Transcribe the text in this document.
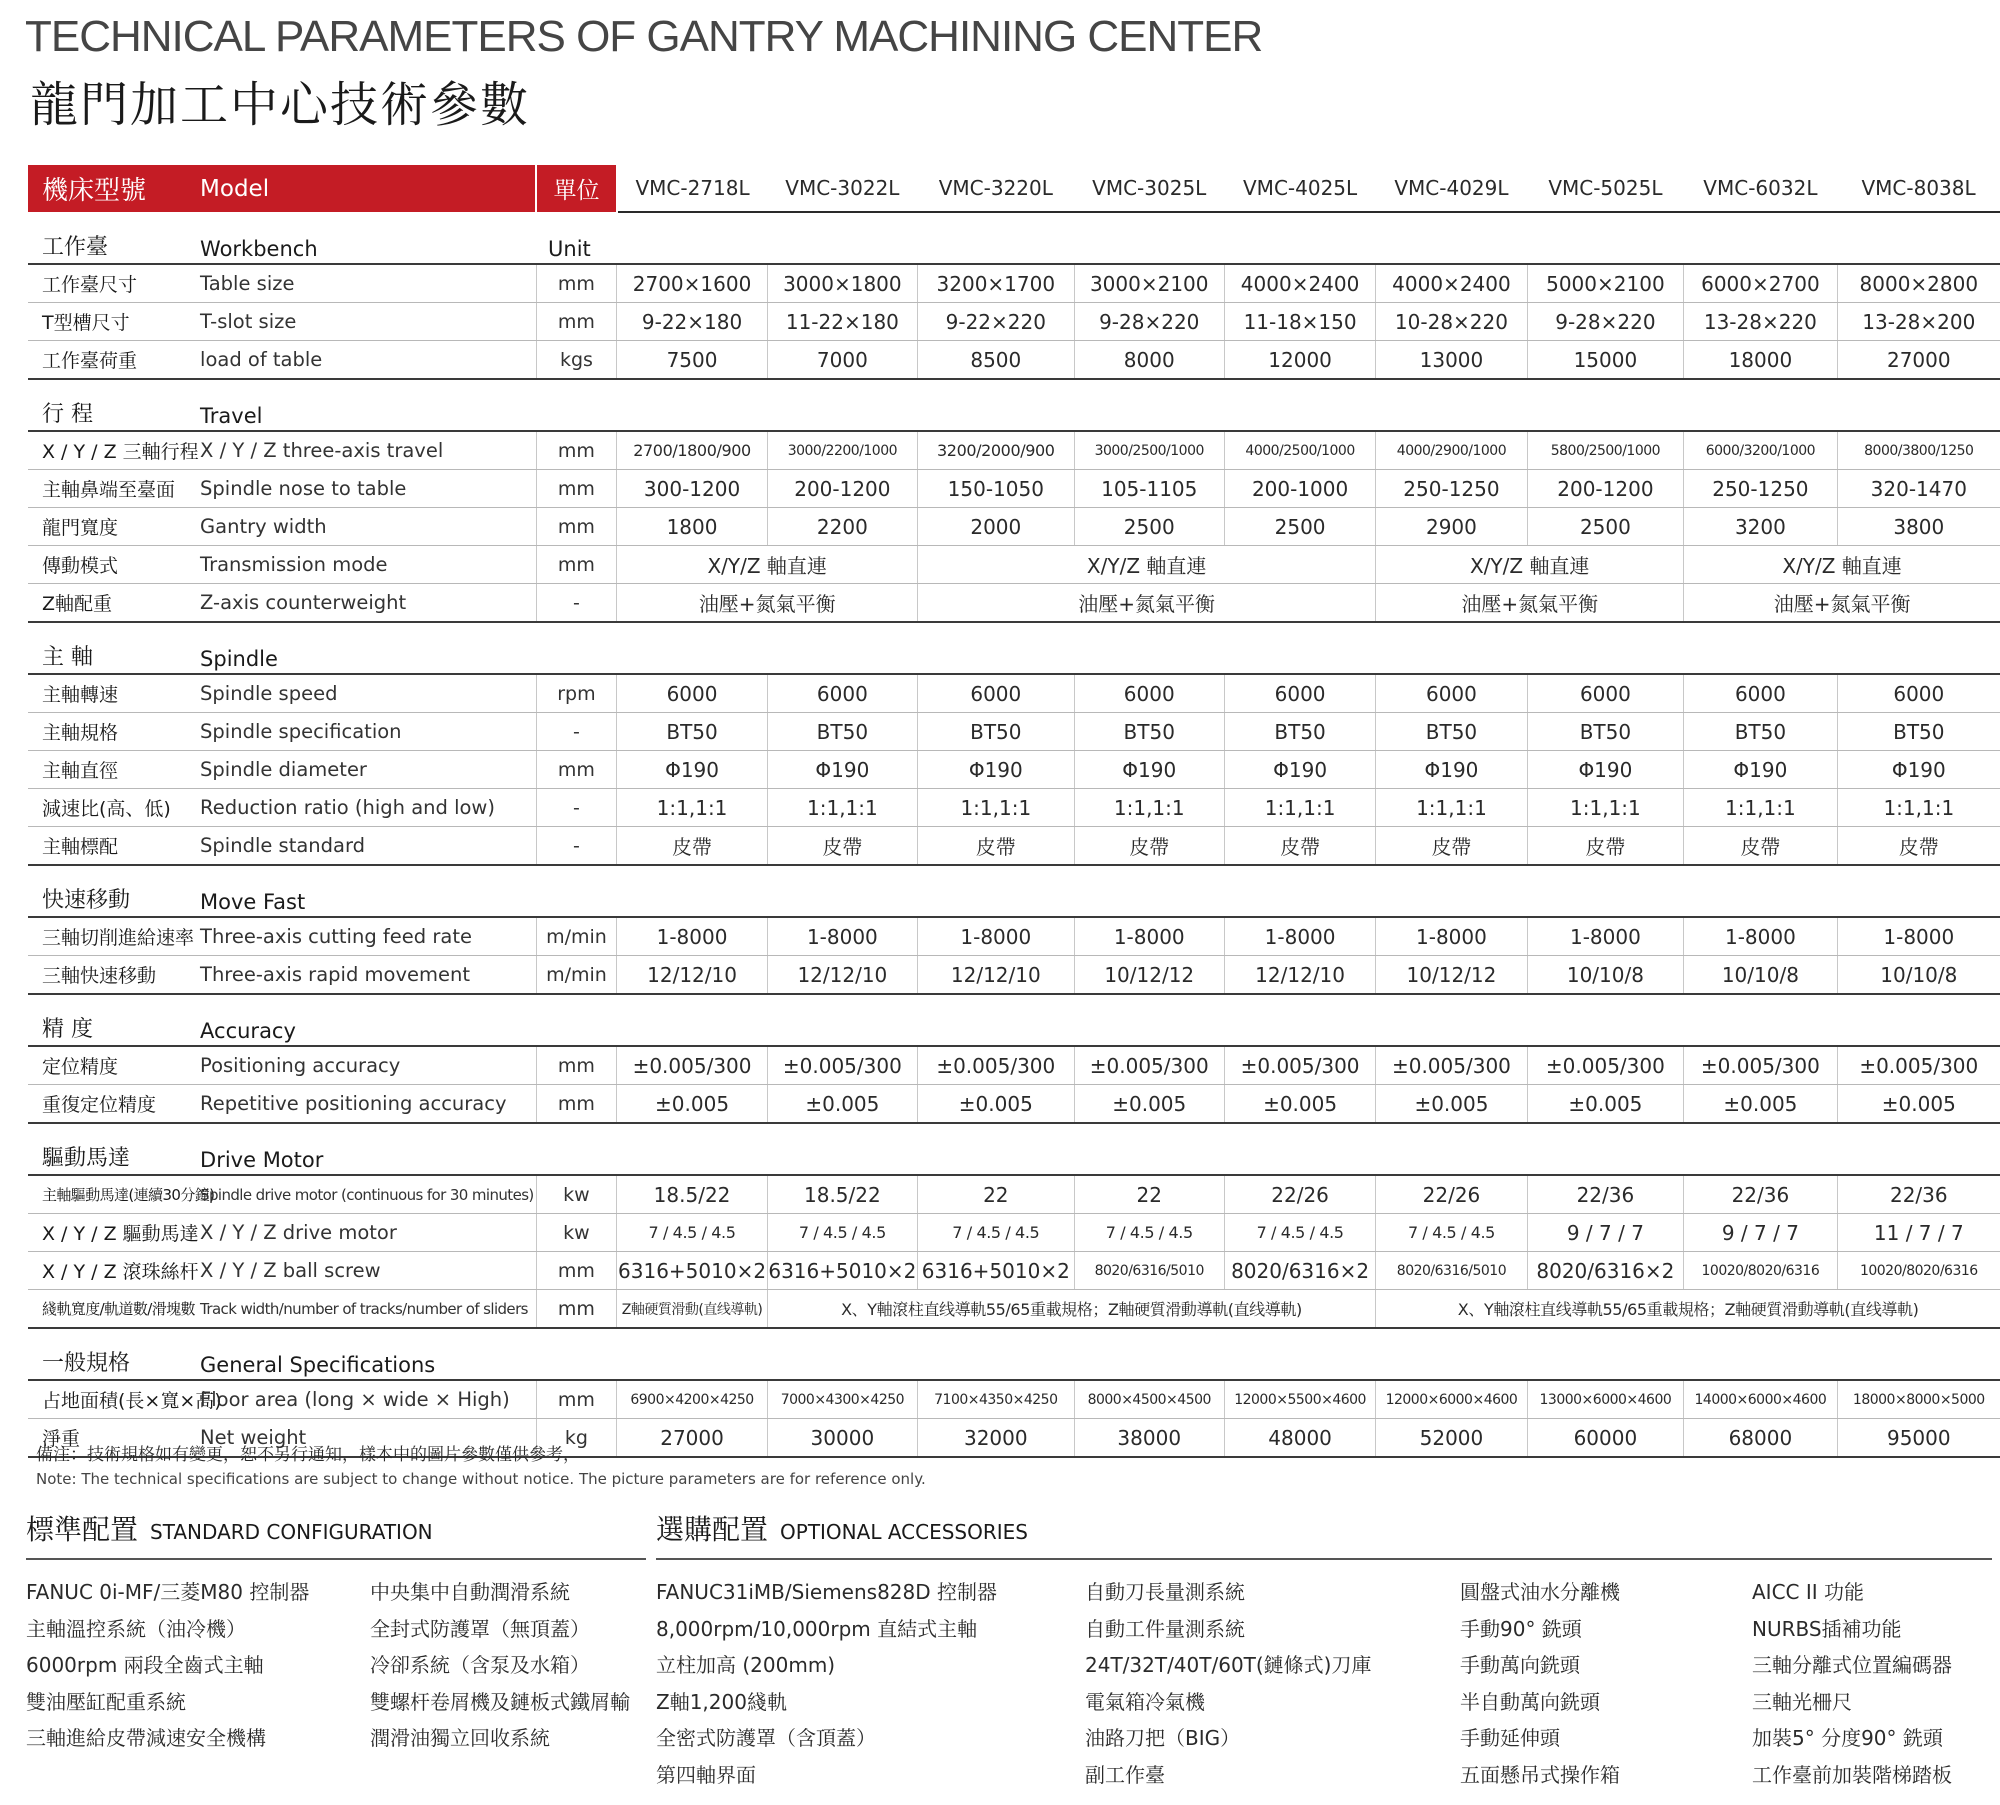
TECHNICAL PARAMETERS OF GANTRY MACHINING CENTER
龍門加工中心技術參數
機床型號	Model	單位	VMC-2718L	VMC-3022L	VMC-3220L	VMC-3025L	VMC-4025L	VMC-4029L	VMC-5025L	VMC-6032L	VMC-8038L
工作臺	Workbench	Unit									
工作臺尺寸	Table size	mm	2700×1600	3000×1800	3200×1700	3000×2100	4000×2400	4000×2400	5000×2100	6000×2700	8000×2800
T型槽尺寸	T-slot size	mm	9-22×180	11-22×180	9-22×220	9-28×220	11-18×150	10-28×220	9-28×220	13-28×220	13-28×200
工作臺荷重	load of table	kgs	7500	7000	8500	8000	12000	13000	15000	18000	27000
行 程	Travel										
X / Y / Z 三軸行程	X / Y / Z three-axis travel	mm	2700/1800/900	3000/2200/1000	3200/2000/900	3000/2500/1000	4000/2500/1000	4000/2900/1000	5800/2500/1000	6000/3200/1000	8000/3800/1250
主軸鼻端至臺面	Spindle nose to table	mm	300-1200	200-1200	150-1050	105-1105	200-1000	250-1250	200-1200	250-1250	320-1470
龍門寬度	Gantry width	mm	1800	2200	2000	2500	2500	2900	2500	3200	3800
傳動模式	Transmission mode	mm	X/Y/Z 軸直連		X/Y/Z 軸直連			X/Y/Z 軸直連		X/Y/Z 軸直連	
Z軸配重	Z-axis counterweight	-	油壓+氮氣平衡		油壓+氮氣平衡			油壓+氮氣平衡		油壓+氮氣平衡	
主 軸	Spindle										
主軸轉速	Spindle speed	rpm	6000	6000	6000	6000	6000	6000	6000	6000	6000
主軸規格	Spindle specification	-	BT50	BT50	BT50	BT50	BT50	BT50	BT50	BT50	BT50
主軸直徑	Spindle diameter	mm	Φ190	Φ190	Φ190	Φ190	Φ190	Φ190	Φ190	Φ190	Φ190
減速比(高、低)	Reduction ratio (high and low)	-	1:1,1:1	1:1,1:1	1:1,1:1	1:1,1:1	1:1,1:1	1:1,1:1	1:1,1:1	1:1,1:1	1:1,1:1
主軸標配	Spindle standard	-	皮帶	皮帶	皮帶	皮帶	皮帶	皮帶	皮帶	皮帶	皮帶
快速移動	Move Fast										
三軸切削進給速率	Three-axis cutting feed rate	m/min	1-8000	1-8000	1-8000	1-8000	1-8000	1-8000	1-8000	1-8000	1-8000
三軸快速移動	Three-axis rapid movement	m/min	12/12/10	12/12/10	12/12/10	10/12/12	12/12/10	10/12/12	10/10/8	10/10/8	10/10/8
精 度	Accuracy										
定位精度	Positioning accuracy	mm	±0.005/300	±0.005/300	±0.005/300	±0.005/300	±0.005/300	±0.005/300	±0.005/300	±0.005/300	±0.005/300
重復定位精度	Repetitive positioning accuracy	mm	±0.005	±0.005	±0.005	±0.005	±0.005	±0.005	±0.005	±0.005	±0.005
驅動馬達	Drive Motor										
主軸驅動馬達(連續30分鐘)	Spindle drive motor (continuous for 30 minutes)	kw	18.5/22	18.5/22	22	22	22/26	22/26	22/36	22/36	22/36
X / Y / Z 驅動馬達	X / Y / Z drive motor	kw	7 / 4.5 / 4.5	7 / 4.5 / 4.5	7 / 4.5 / 4.5	7 / 4.5 / 4.5	7 / 4.5 / 4.5	7 / 4.5 / 4.5	9 / 7 / 7	9 / 7 / 7	11 / 7 / 7
X / Y / Z 滾珠絲杆	X / Y / Z ball screw	mm	6316+5010×2	6316+5010×2	6316+5010×2	8020/6316/5010	8020/6316×2	8020/6316/5010	8020/6316×2	10020/8020/6316	10020/8020/6316
綫軌寬度/軌道數/滑塊數	Track width/number of tracks/number of sliders	mm	Z軸硬質滑動(直线導軌)	X、Y軸滾柱直线導軌55/65重載規格；Z軸硬質滑動導軌(直线導軌)				X、Y軸滾柱直线導軌55/65重載規格；Z軸硬質滑動導軌(直线導軌)			
一般規格	General Specifications										
占地面積(長×寬×高)	Floor area (long × wide × High)	mm	6900×4200×4250	7000×4300×4250	7100×4350×4250	8000×4500×4500	12000×5500×4600	12000×6000×4600	13000×6000×4600	14000×6000×4600	18000×8000×5000
淨重	Net weight	kg	27000	30000	32000	38000	48000	52000	60000	68000	95000
備注：技術規格如有變更，恕不另行通知，樣本中的圖片參數僅供參考，
Note: The technical specifications are subject to change without notice. The picture parameters are for reference only.
標準配置 STANDARD CONFIGURATION	選購配置 OPTIONAL ACCESSORIES
FANUC 0i-MF/三菱M80 控制器
主軸溫控系統（油冷機）
6000rpm 兩段全齒式主軸
雙油壓缸配重系統
三軸進給皮帶減速安全機構
中央集中自動潤滑系統
全封式防護罩（無頂蓋）
冷卻系統（含泵及水箱）
雙螺杆卷屑機及鏈板式鐵屑輸
潤滑油獨立回收系統
FANUC31iMB/Siemens828D 控制器
8,000rpm/10,000rpm 直結式主軸
立柱加高 (200mm)
Z軸1,200綫軌
全密式防護罩（含頂蓋）
第四軸界面
自動刀長量測系統
自動工件量測系統
24T/32T/40T/60T(鏈條式)刀庫
電氣箱冷氣機
油路刀把（BIG）
副工作臺
圓盤式油水分離機
手動90° 銑頭
手動萬向銑頭
半自動萬向銑頭
手動延伸頭
五面懸吊式操作箱
AICC II 功能
NURBS插補功能
三軸分離式位置編碼器
三軸光柵尺
加裝5° 分度90° 銑頭
工作臺前加裝階梯踏板
